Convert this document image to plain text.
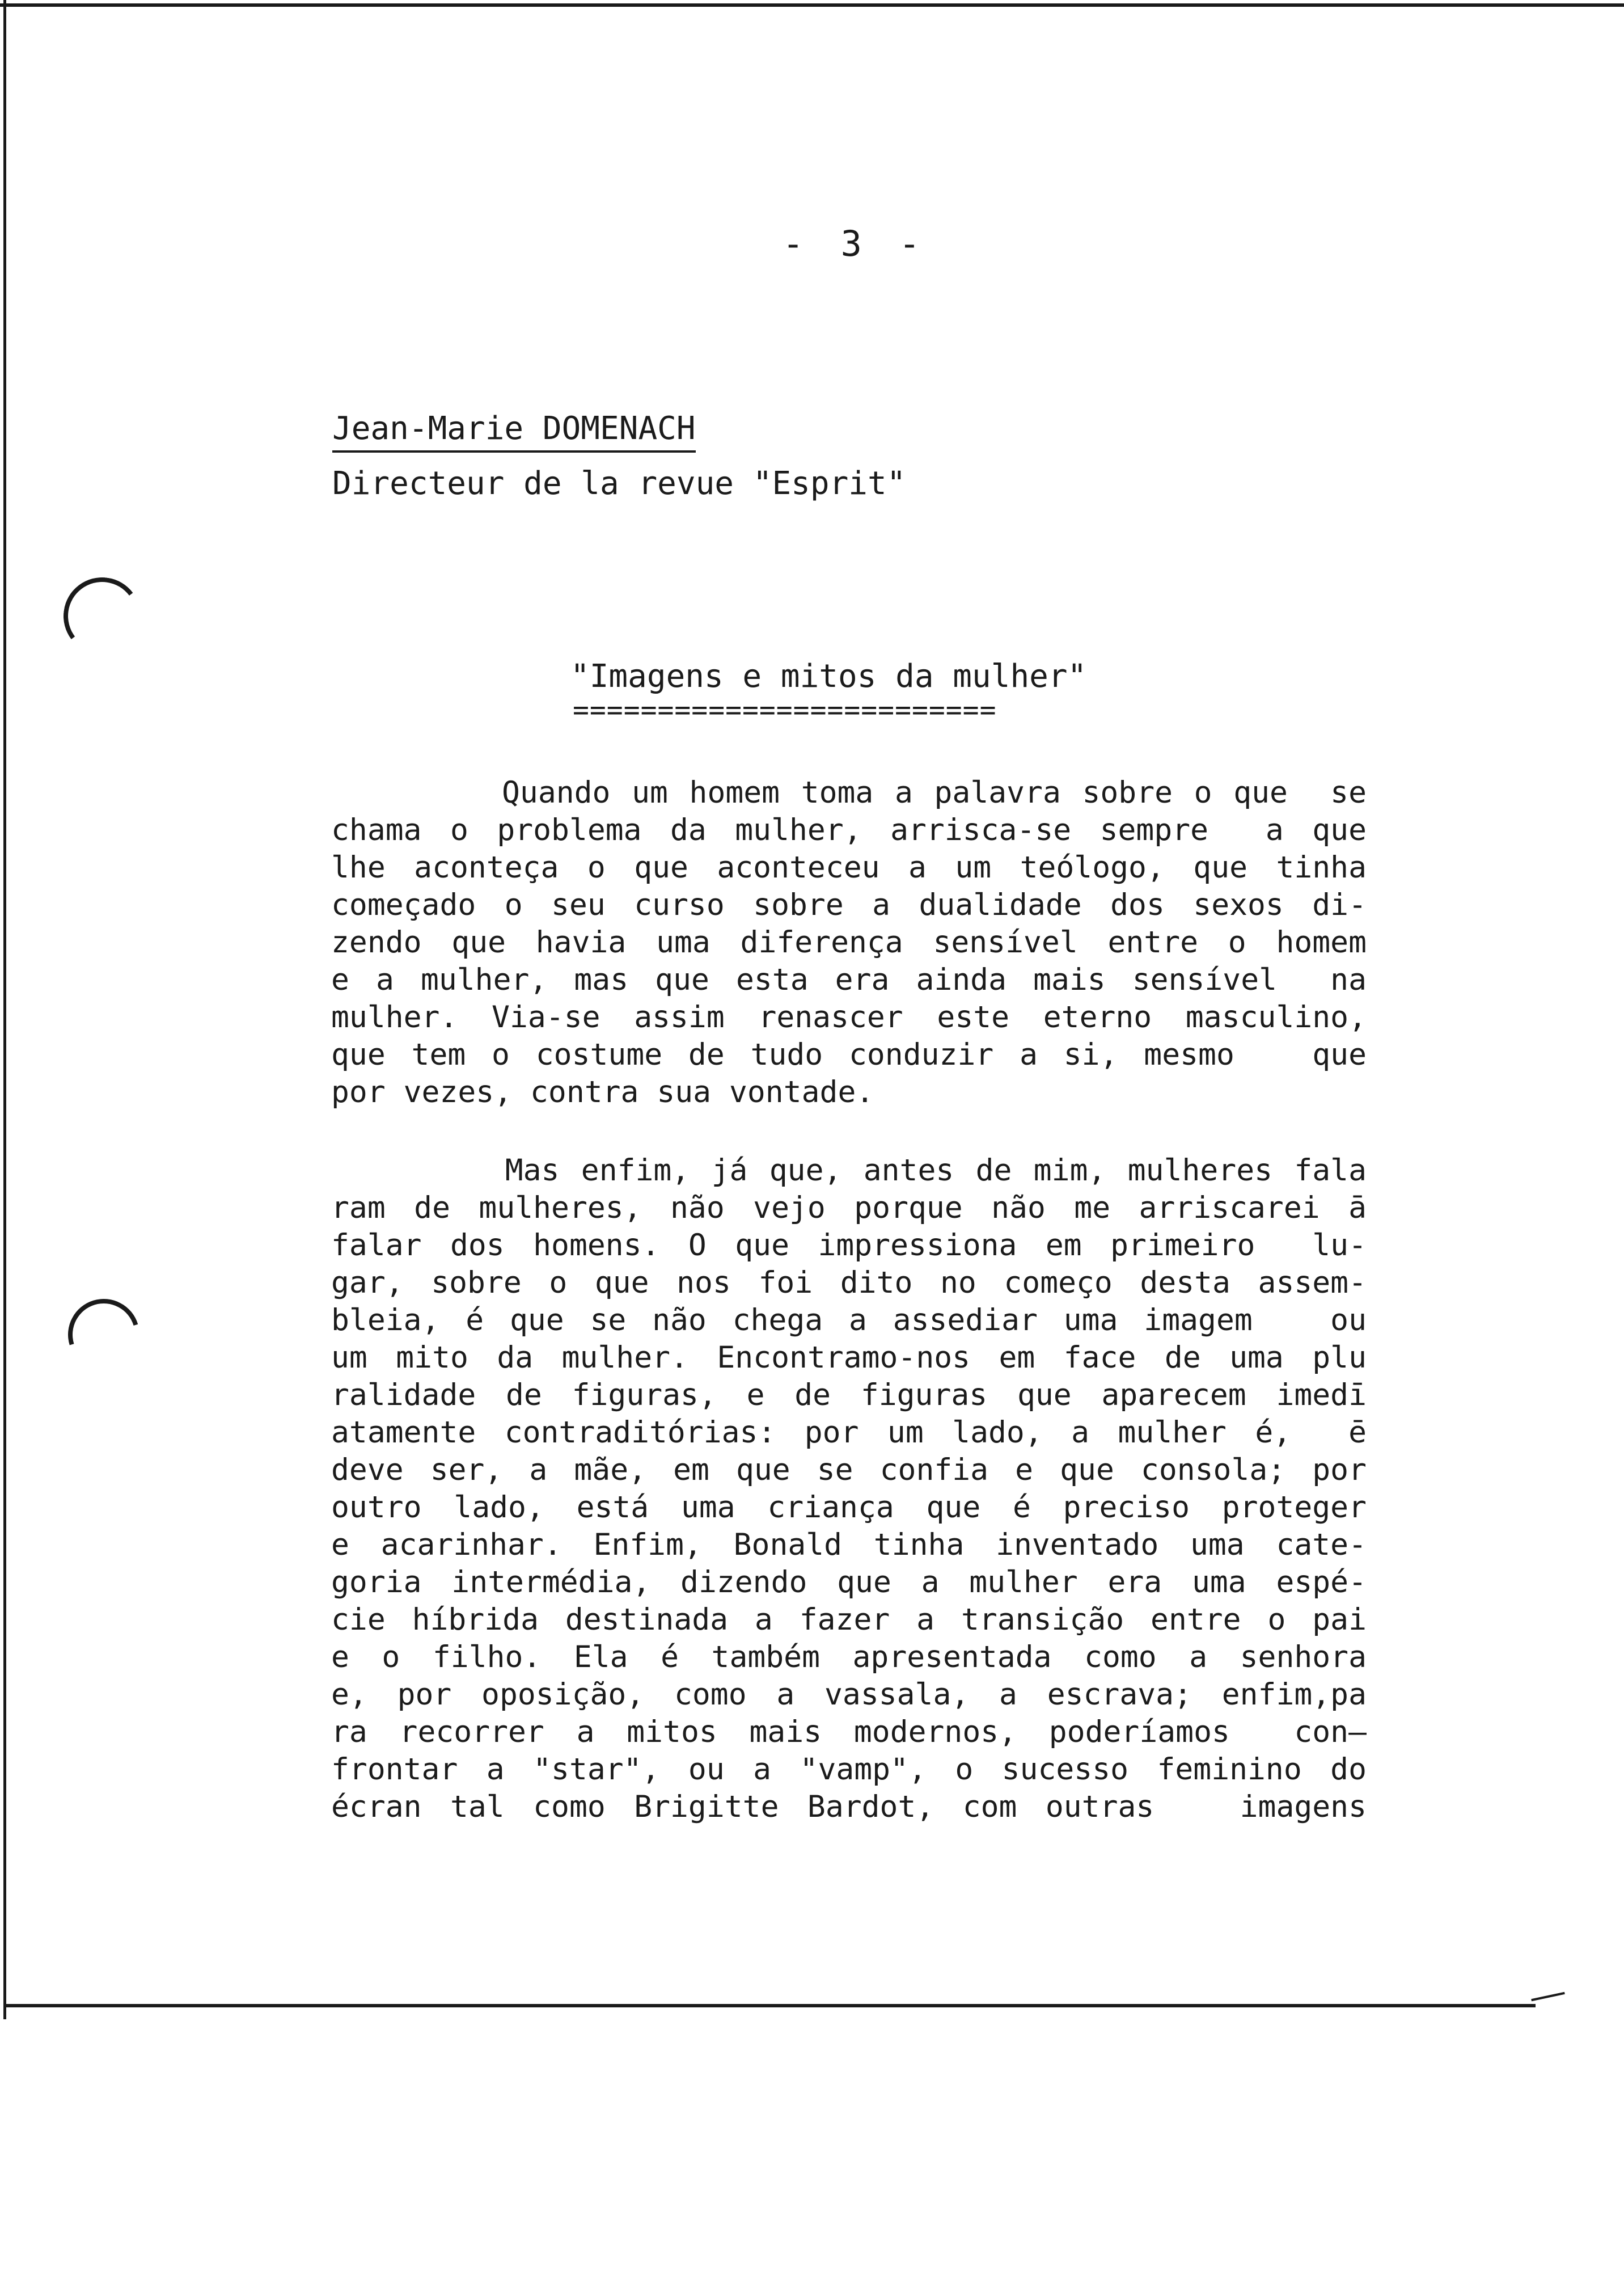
- 3 -
Jean-Marie DOMENACH
Directeur de la revue "Esprit"
"Imagens e mitos da mulher"
=========================
Quando um homem toma a palavra sobre o que  se
chama o problema da mulher, arrisca-se sempre  a que
lhe aconteça o que aconteceu a um teólogo, que tinha
começado o seu curso sobre a dualidade dos sexos di-
zendo que havia uma diferença sensível entre o homem
e a mulher, mas que esta era ainda mais sensível  na
mulher. Via-se assim renascer este eterno masculino,
que tem o costume de tudo conduzir a si, mesmo   que
por vezes, contra sua vontade.
Mas enfim, já que, antes de mim, mulheres fala
ram de mulheres, não vejo porque não me arriscarei ā
falar dos homens. O que impressiona em primeiro  lu-
gar, sobre o que nos foi dito no começo desta assem-
bleia, é que se não chega a assediar uma imagem   ou
um mito da mulher. Encontramo-nos em face de uma plu
ralidade de figuras, e de figuras que aparecem imedī
atamente contraditórias: por um lado, a mulher é,  ē
deve ser, a mãe, em que se confia e que consola; por
outro lado, está uma criança que é preciso proteger
e acarinhar. Enfim, Bonald tinha inventado uma cate-
goria intermédia, dizendo que a mulher era uma espé-
cie híbrida destinada a fazer a transição entre o pai
e o filho. Ela é também apresentada como a senhora
e, por oposição, como a vassala, a escrava; enfim,pa
ra recorrer a mitos mais modernos, poderíamos  con—
frontar a "star", ou a "vamp", o sucesso feminino do
écran tal como Brigitte Bardot, com outras   imagens
